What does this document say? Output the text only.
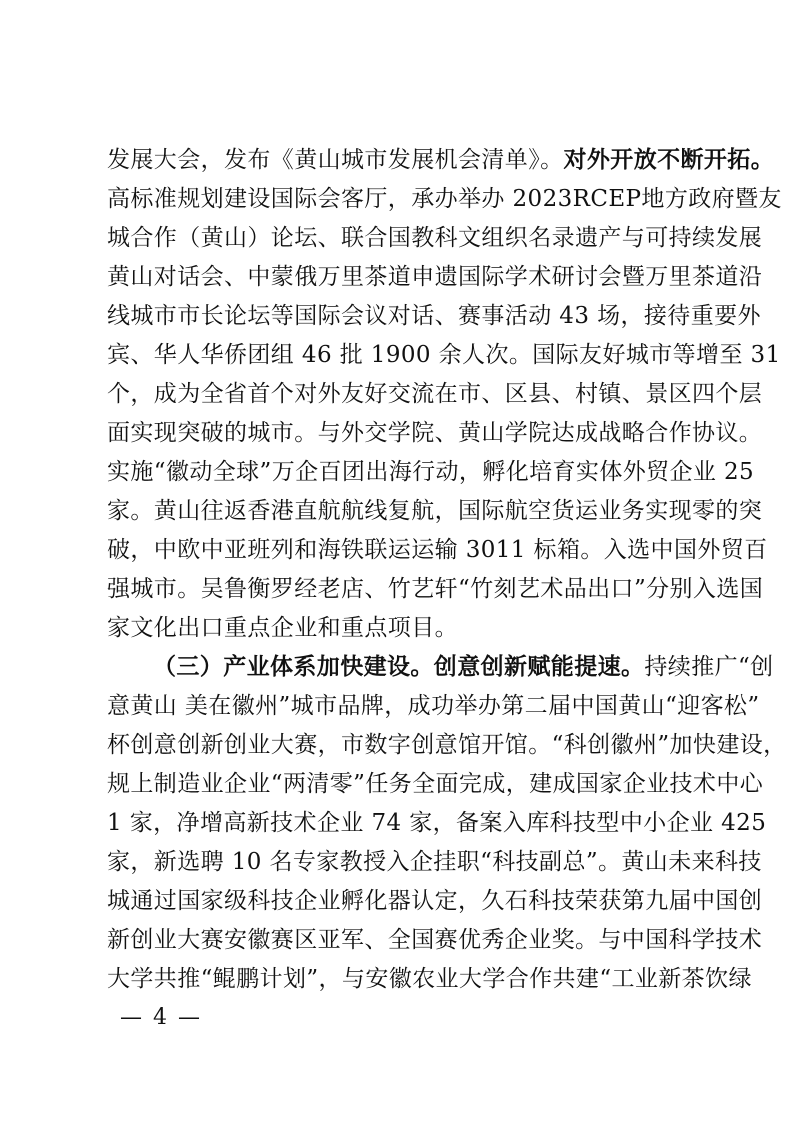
发展大会，发布《黄山城市发展机会清单》。对外开放不断开拓。
高标准规划建设国际会客厅，承办举办 2023RCEP地方政府暨友
城合作（黄山）论坛、联合国教科文组织名录遗产与可持续发展
黄山对话会、中蒙俄万里茶道申遗国际学术研讨会暨万里茶道沿
线城市市长论坛等国际会议对话、赛事活动 43 场，接待重要外
宾、华人华侨团组 46 批 1900 余人次。国际友好城市等增至 31
个，成为全省首个对外友好交流在市、区县、村镇、景区四个层
面实现突破的城市。与外交学院、黄山学院达成战略合作协议。
实施“徽动全球”万企百团出海行动，孵化培育实体外贸企业 25
家。黄山往返香港直航航线复航，国际航空货运业务实现零的突
破，中欧中亚班列和海铁联运运输 3011 标箱。入选中国外贸百
强城市。吴鲁衡罗经老店、竹艺轩“竹刻艺术品出口”分别入选国
家文化出口重点企业和重点项目。
（三）产业体系加快建设。创意创新赋能提速。持续推广“创
意黄山 美在徽州”城市品牌，成功举办第二届中国黄山“迎客松”
杯创意创新创业大赛，市数字创意馆开馆。“科创徽州”加快建设，
规上制造业企业“两清零”任务全面完成，建成国家企业技术中心
1 家，净增高新技术企业 74 家，备案入库科技型中小企业 425
家，新选聘 10 名专家教授入企挂职“科技副总”。黄山未来科技
城通过国家级科技企业孵化器认定，久石科技荣获第九届中国创
新创业大赛安徽赛区亚军、全国赛优秀企业奖。与中国科学技术
大学共推“鲲鹏计划”，与安徽农业大学合作共建“工业新茶饮绿
— 4 —
